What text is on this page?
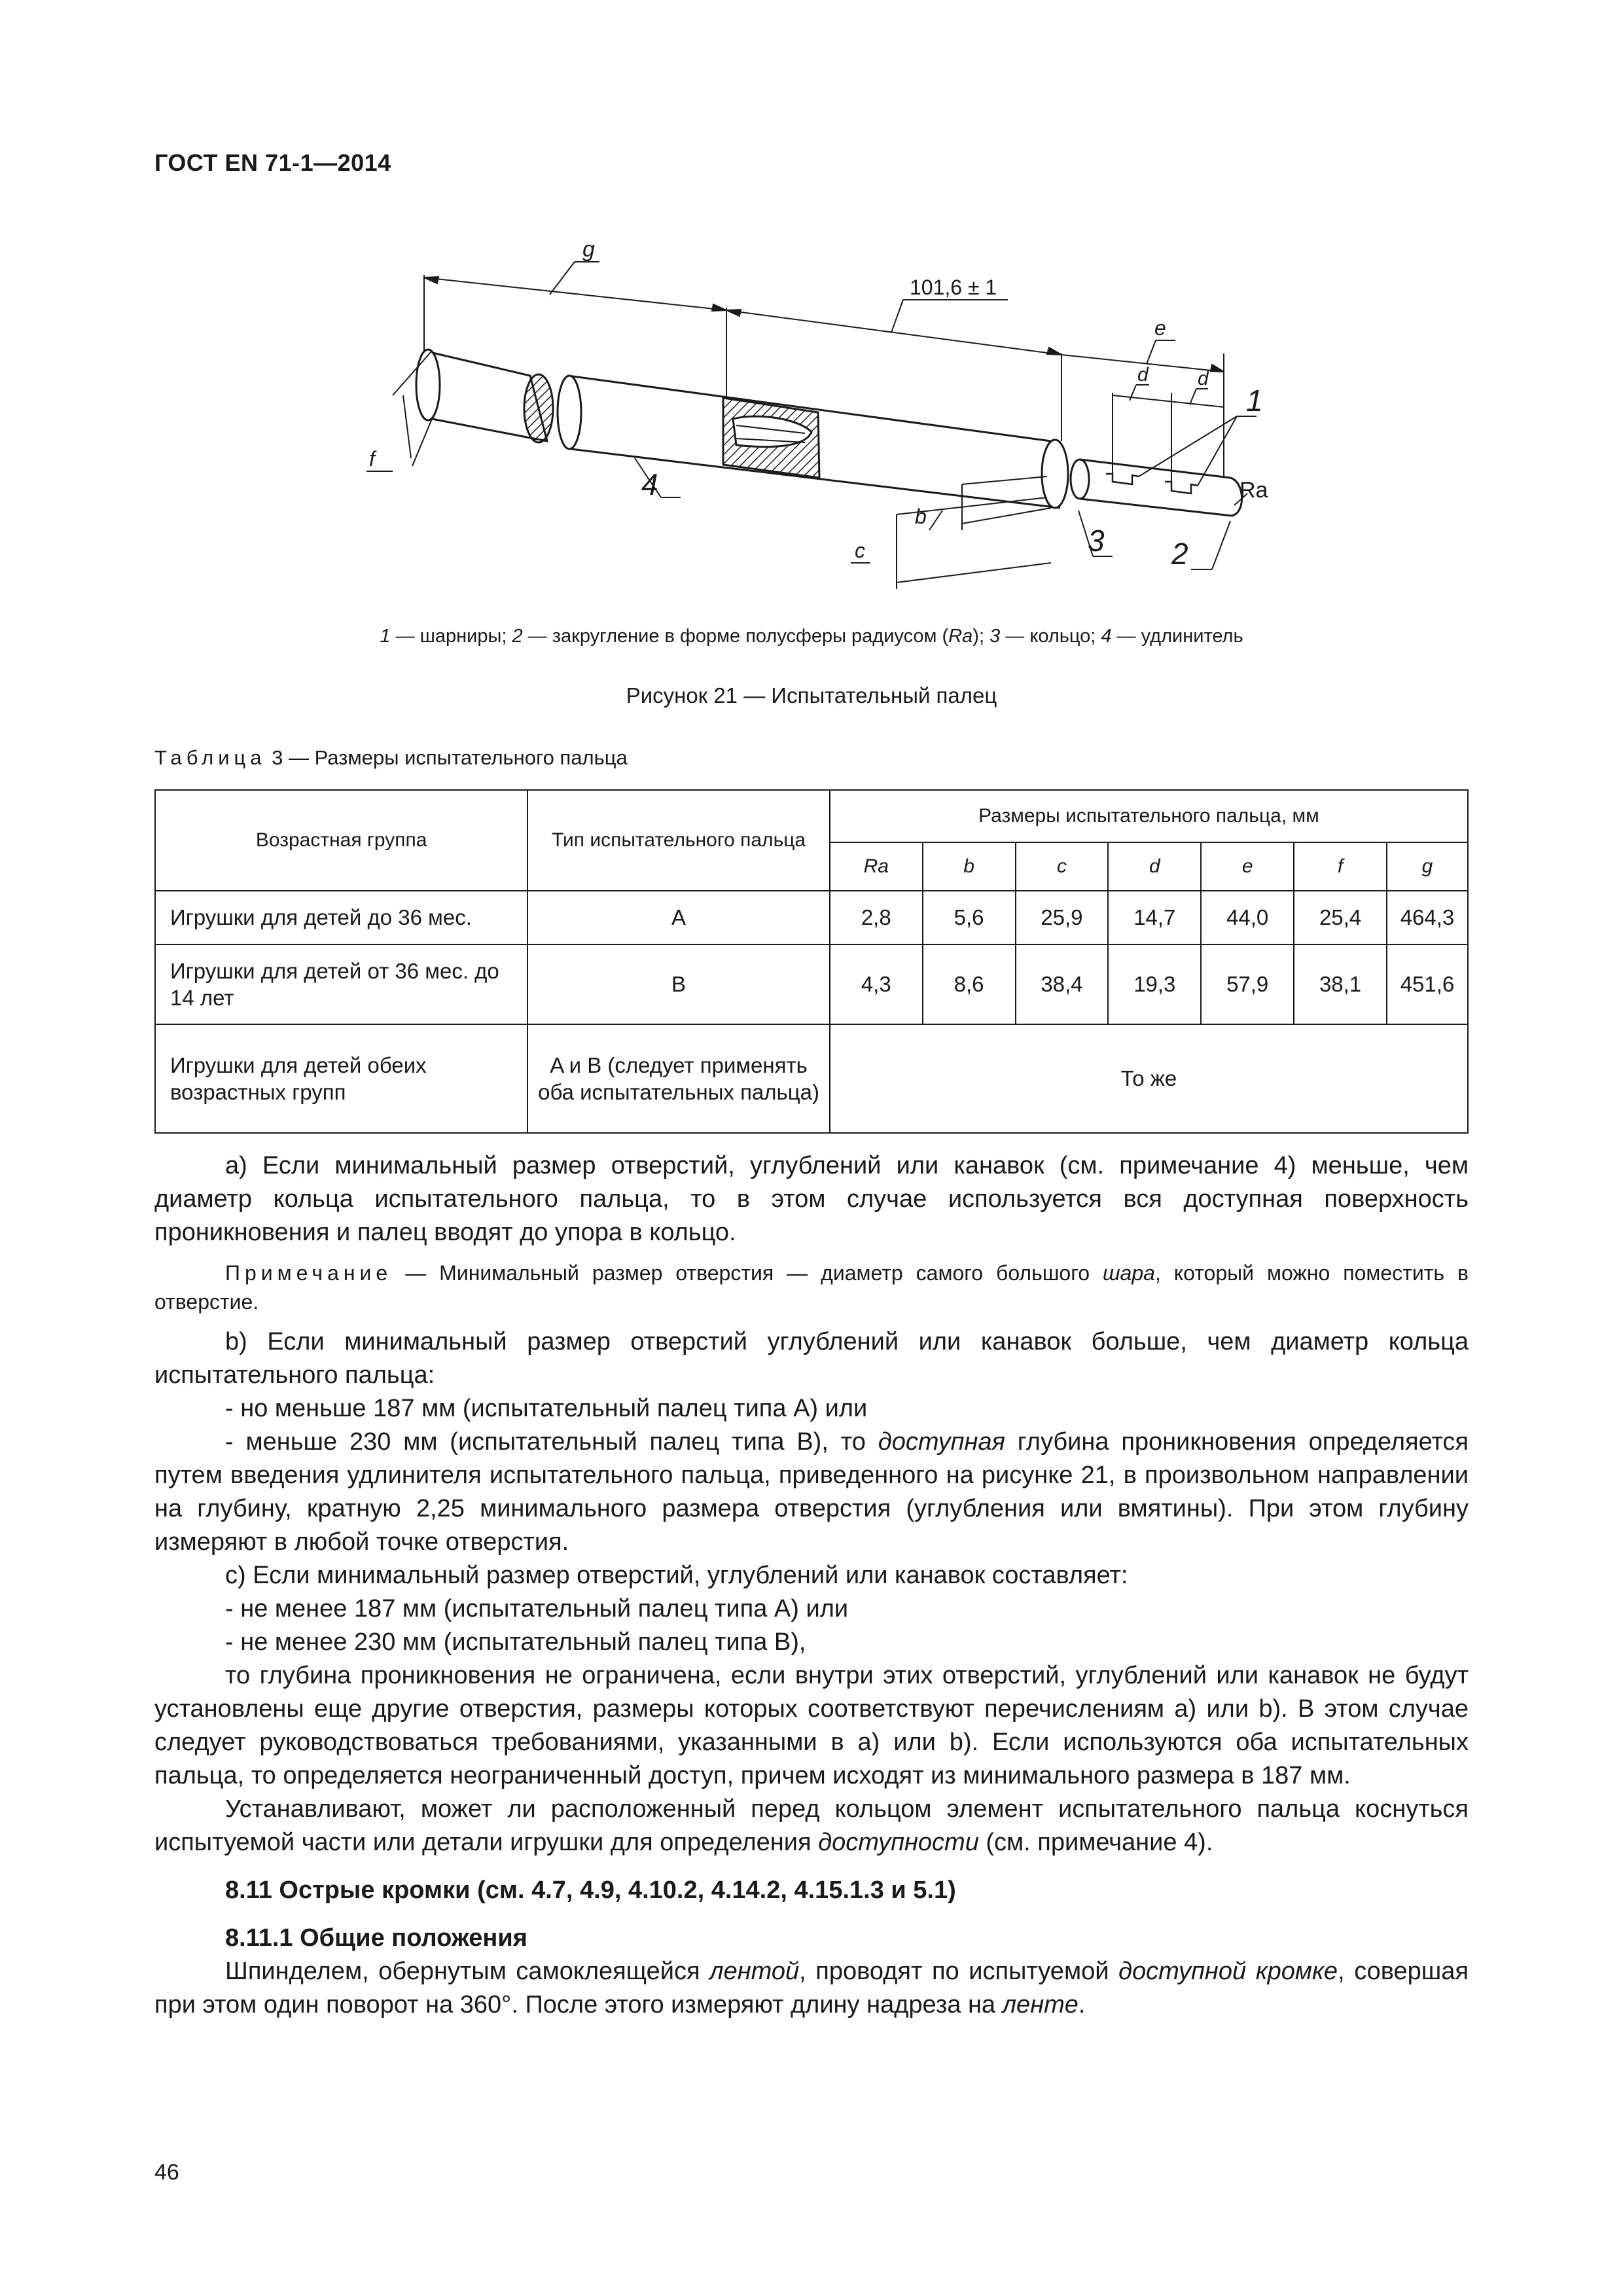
ГОСТ EN 71-1—2014
g
101,6 ± 1
e
d	d
1
Ra
f
4
b
c	3 2
1 — шарниры; 2 — закругление в форме полусферы радиусом (Ra); 3 — кольцо; 4 — удлинитель
Рисунок 21 — Испытательный палец
Таблица 3 — Размеры испытательного пальца
Возрастная группа	Тип испытательного пальца	Размеры испытательного пальца, мм						
		Ra	b	c	d	e	f	g
Игрушки для детей до 36 мес.	A	2,8	5,6	25,9	14,7	44,0	25,4	464,3
Игрушки для детей от 36 мес. до 14 лет	B	4,3	8,6	38,4	19,3	57,9	38,1	451,6
Игрушки для детей обеих возрастных групп	A и B (следует применять оба испытательных пальца)	То же						

а) Если минимальный размер отверстий, углублений или канавок (см. примечание 4) меньше, чем диаметр кольца испытательного пальца, то в этом случае используется вся доступная поверхность проникновения и палец вводят до упора в кольцо.

Примечание — Минимальный размер отверстия — диаметр самого большого шара, который можно поместить в отверстие.

b) Если минимальный размер отверстий углублений или канавок больше, чем диаметр кольца испытательного пальца:

- но меньше 187 мм (испытательный палец типа А) или

- меньше 230 мм (испытательный палец типа В), то доступная глубина проникновения определяется путем введения удлинителя испытательного пальца, приведенного на рисунке 21, в произвольном направлении на глубину, кратную 2,25 минимального размера отверстия (углубления или вмятины). При этом глубину измеряют в любой точке отверстия.

с) Если минимальный размер отверстий, углублений или канавок составляет:

- не менее 187 мм (испытательный палец типа А) или

- не менее 230 мм (испытательный палец типа В),

то глубина проникновения не ограничена, если внутри этих отверстий, углублений или канавок не будут установлены еще другие отверстия, размеры которых соответствуют перечислениям а) или b). В этом случае следует руководствоваться требованиями, указанными в а) или b). Если используются оба испытательных пальца, то определяется неограниченный доступ, причем исходят из минимального размера в 187 мм.

Устанавливают, может ли расположенный перед кольцом элемент испытательного пальца коснуться испытуемой части или детали игрушки для определения доступности (см. примечание 4).

8.11 Острые кромки (см. 4.7, 4.9, 4.10.2, 4.14.2, 4.15.1.3 и 5.1)

8.11.1 Общие положения

Шпинделем, обернутым самоклеящейся лентой, проводят по испытуемой доступной кромке, совершая при этом один поворот на 360°. После этого измеряют длину надреза на ленте.

46
